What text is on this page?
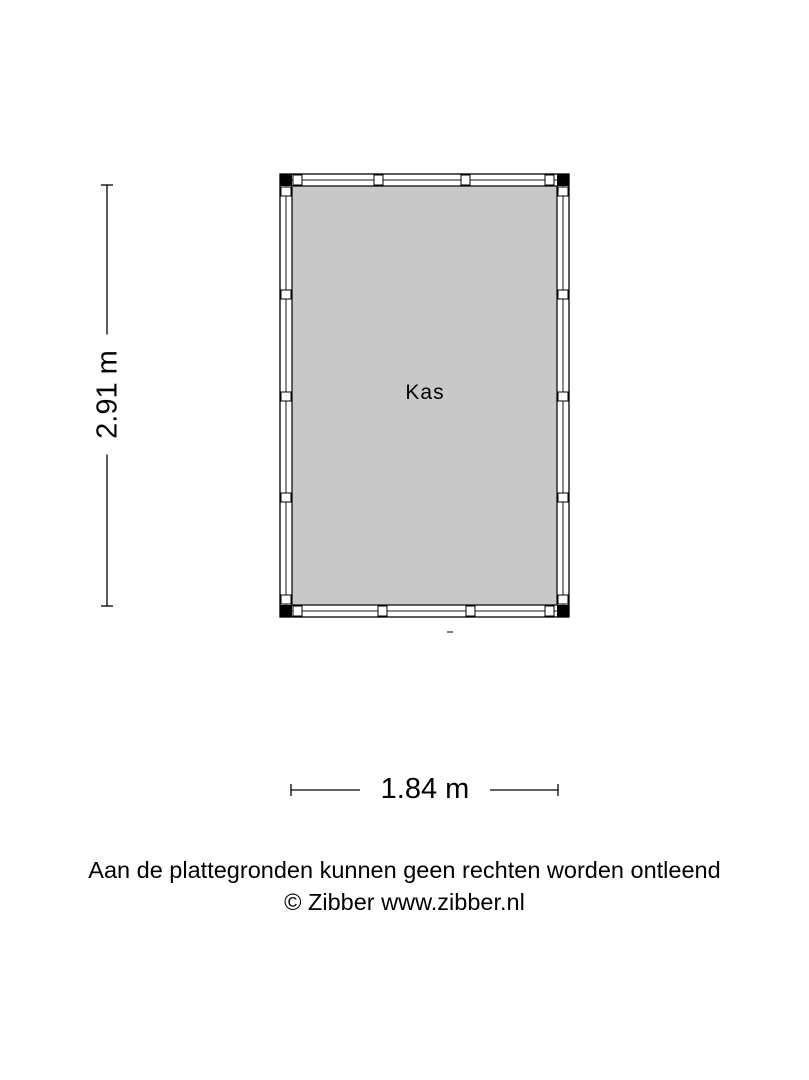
Kas
2.91 m
1.84 m
Aan de plattegronden kunnen geen rechten worden ontleend
© Zibber www.zibber.nl
